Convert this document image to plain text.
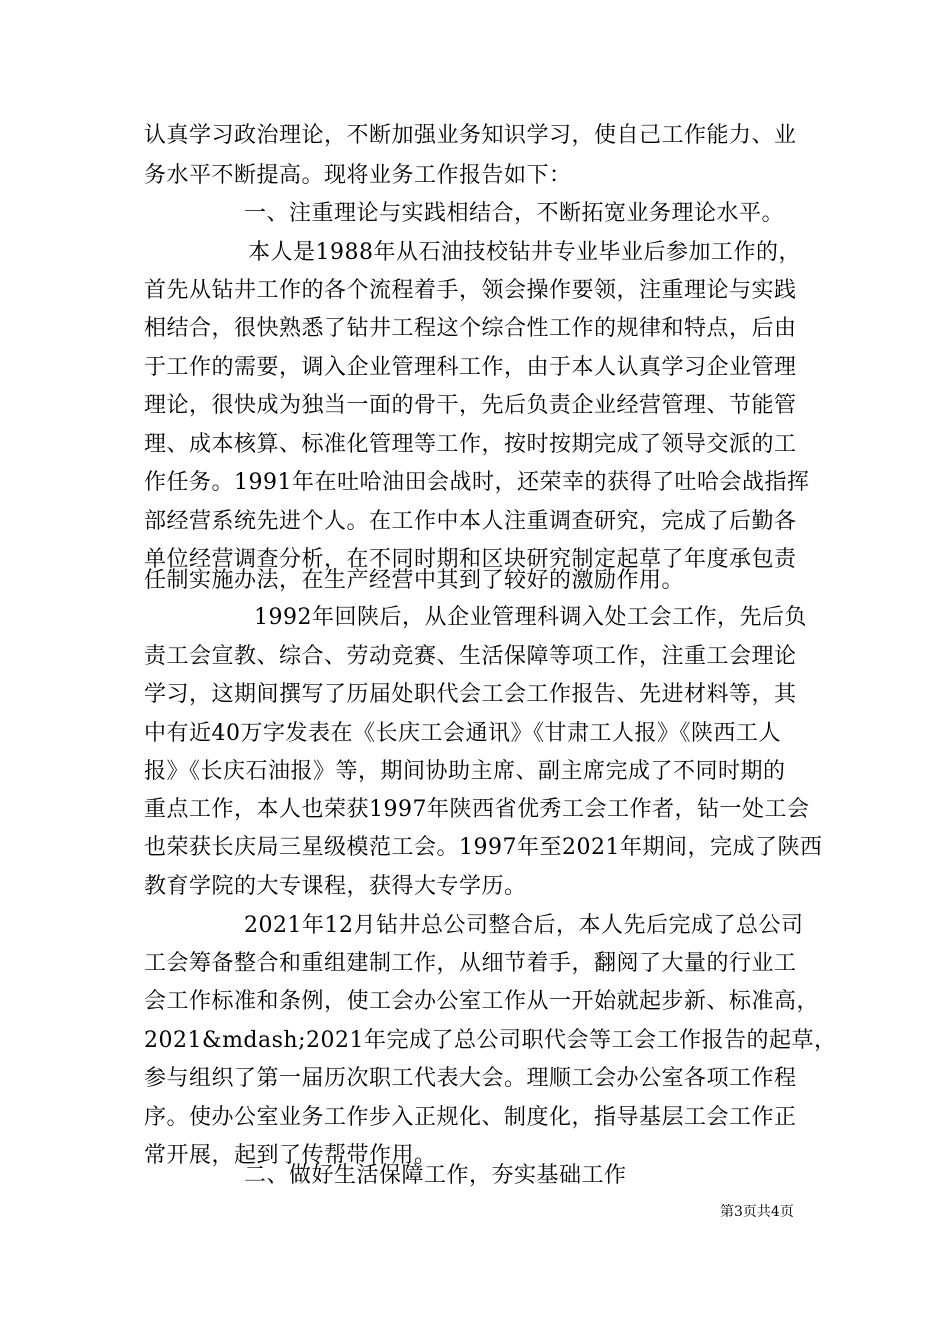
认真学习政治理论，不断加强业务知识学习，使自己工作能力、业
务水平不断提高。现将业务工作报告如下：
一、注重理论与实践相结合，不断拓宽业务理论水平。
本人是1988年从石油技校钻井专业毕业后参加工作的，
首先从钻井工作的各个流程着手，领会操作要领，注重理论与实践
相结合，很快熟悉了钻井工程这个综合性工作的规律和特点，后由
于工作的需要，调入企业管理科工作，由于本人认真学习企业管理
理论，很快成为独当一面的骨干，先后负责企业经营管理、节能管
理、成本核算、标准化管理等工作，按时按期完成了领导交派的工
作任务。1991年在吐哈油田会战时，还荣幸的获得了吐哈会战指挥
部经营系统先进个人。在工作中本人注重调查研究，完成了后勤各
单位经营调查分析，在不同时期和区块研究制定起草了年度承包责
任制实施办法，在生产经营中其到了较好的激励作用。
1992年回陕后，从企业管理科调入处工会工作，先后负
责工会宣教、综合、劳动竞赛、生活保障等项工作，注重工会理论
学习，这期间撰写了历届处职代会工会工作报告、先进材料等，其
中有近40万字发表在《长庆工会通讯》《甘肃工人报》《陕西工人
报》《长庆石油报》等，期间协助主席、副主席完成了不同时期的
重点工作，本人也荣获1997年陕西省优秀工会工作者，钻一处工会
也荣获长庆局三星级模范工会。1997年至2021年期间，完成了陕西
教育学院的大专课程，获得大专学历。
2021年12月钻井总公司整合后，本人先后完成了总公司
工会筹备整合和重组建制工作，从细节着手，翻阅了大量的行业工
会工作标准和条例，使工会办公室工作从一开始就起步新、标准高，
2021&mdash;2021年完成了总公司职代会等工会工作报告的起草，
参与组织了第一届历次职工代表大会。理顺工会办公室各项工作程
序。使办公室业务工作步入正规化、制度化，指导基层工会工作正
常开展，起到了传帮带作用。
二、做好生活保障工作，夯实基础工作
第3页共4页
